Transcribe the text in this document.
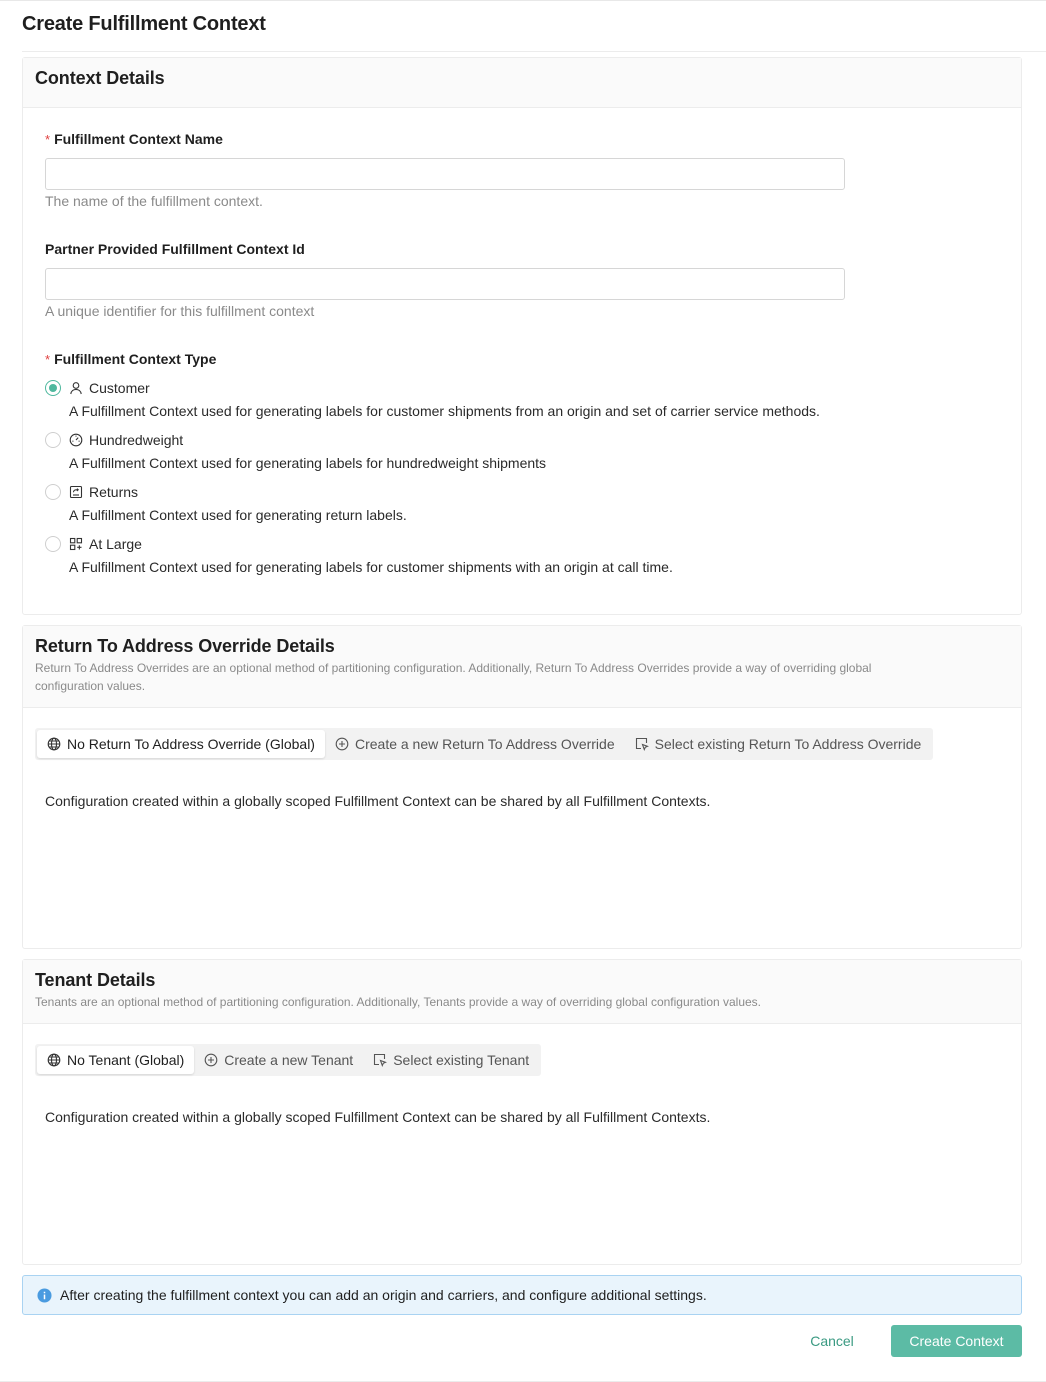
Create Fulfillment Context
Context Details
* Fulfillment Context Name
The name of the fulfillment context.
Partner Provided Fulfillment Context Id
A unique identifier for this fulfillment context
* Fulfillment Context Type
Customer
A Fulfillment Context used for generating labels for customer shipments from an origin and set of carrier service methods.
Hundredweight
A Fulfillment Context used for generating labels for hundredweight shipments
Returns
A Fulfillment Context used for generating return labels.
At Large
A Fulfillment Context used for generating labels for customer shipments with an origin at call time.
Return To Address Override Details
Return To Address Overrides are an optional method of partitioning configuration. Additionally, Return To Address Overrides provide a way of overriding global configuration values.
No Return To Address Override (Global)	Create a new Return To Address Override	Select existing Return To Address Override
Configuration created within a globally scoped Fulfillment Context can be shared by all Fulfillment Contexts.
Tenant Details
Tenants are an optional method of partitioning configuration. Additionally, Tenants provide a way of overriding global configuration values.
No Tenant (Global)	Create a new Tenant	Select existing Tenant
Configuration created within a globally scoped Fulfillment Context can be shared by all Fulfillment Contexts.
After creating the fulfillment context you can add an origin and carriers, and configure additional settings.
Cancel	Create Context
